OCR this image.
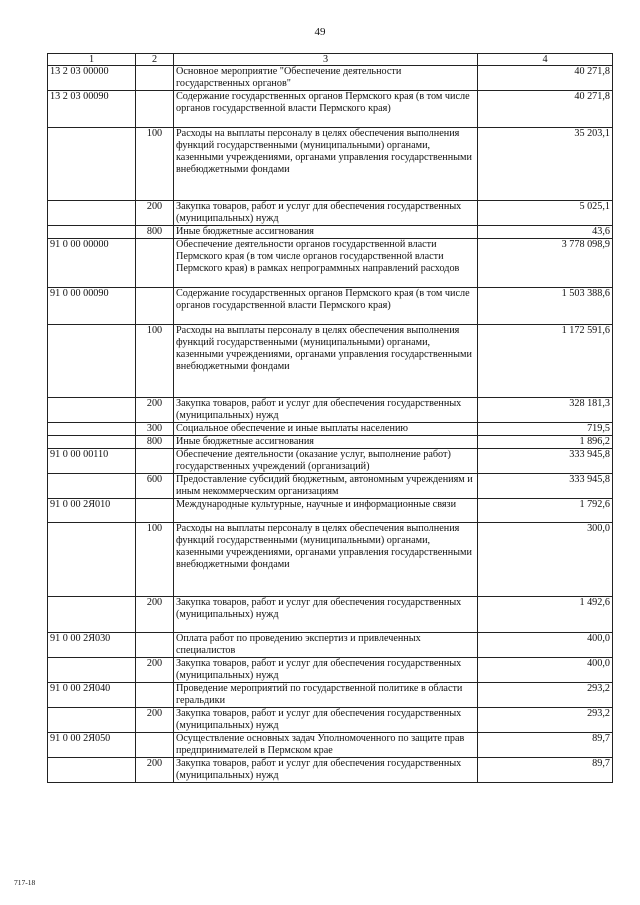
49
1	2	3	4
13 2 03 00000		Основное мероприятие "Обеспечение деятельности государственных органов"	40 271,8
13 2 03 00090		Содержание государственных органов Пермского края (в том числе органов государственной власти Пермского края)	40 271,8
	100	Расходы на выплаты персоналу в целях обеспечения выполнения функций государственными (муниципальными) органами, казенными учреждениями, органами управления государственными внебюджетными фондами	35 203,1
	200	Закупка товаров, работ и услуг для обеспечения государственных (муниципальных) нужд	5 025,1
	800	Иные бюджетные ассигнования	43,6
91 0 00 00000		Обеспечение деятельности органов государственной власти Пермского края (в том числе органов государственной власти Пермского края) в рамках непрограммных направлений расходов	3 778 098,9
91 0 00 00090		Содержание государственных органов Пермского края (в том числе органов государственной власти Пермского края)	1 503 388,6
	100	Расходы на выплаты персоналу в целях обеспечения выполнения функций государственными (муниципальными) органами, казенными учреждениями, органами управления государственными внебюджетными фондами	1 172 591,6
	200	Закупка товаров, работ и услуг для обеспечения государственных (муниципальных) нужд	328 181,3
	300	Социальное обеспечение и иные выплаты населению	719,5
	800	Иные бюджетные ассигнования	1 896,2
91 0 00 00110		Обеспечение деятельности (оказание услуг, выполнение работ) государственных учреждений (организаций)	333 945,8
	600	Предоставление субсидий бюджетным, автономным учреждениям и иным некоммерческим организациям	333 945,8
91 0 00 2Я010		Международные культурные, научные и информационные связи	1 792,6
	100	Расходы на выплаты персоналу в целях обеспечения выполнения функций государственными (муниципальными) органами, казенными учреждениями, органами управления государственными внебюджетными фондами	300,0
	200	Закупка товаров, работ и услуг для обеспечения государственных (муниципальных) нужд	1 492,6
91 0 00 2Я030		Оплата работ по проведению экспертиз и привлеченных специалистов	400,0
	200	Закупка товаров, работ и услуг для обеспечения государственных (муниципальных) нужд	400,0
91 0 00 2Я040		Проведение мероприятий по государственной политике в области геральдики	293,2
	200	Закупка товаров, работ и услуг для обеспечения государственных (муниципальных) нужд	293,2
91 0 00 2Я050		Осуществление основных задач Уполномоченного по защите прав предпринимателей в Пермском крае	89,7
	200	Закупка товаров, работ и услуг для обеспечения государственных (муниципальных) нужд	89,7
717-18
